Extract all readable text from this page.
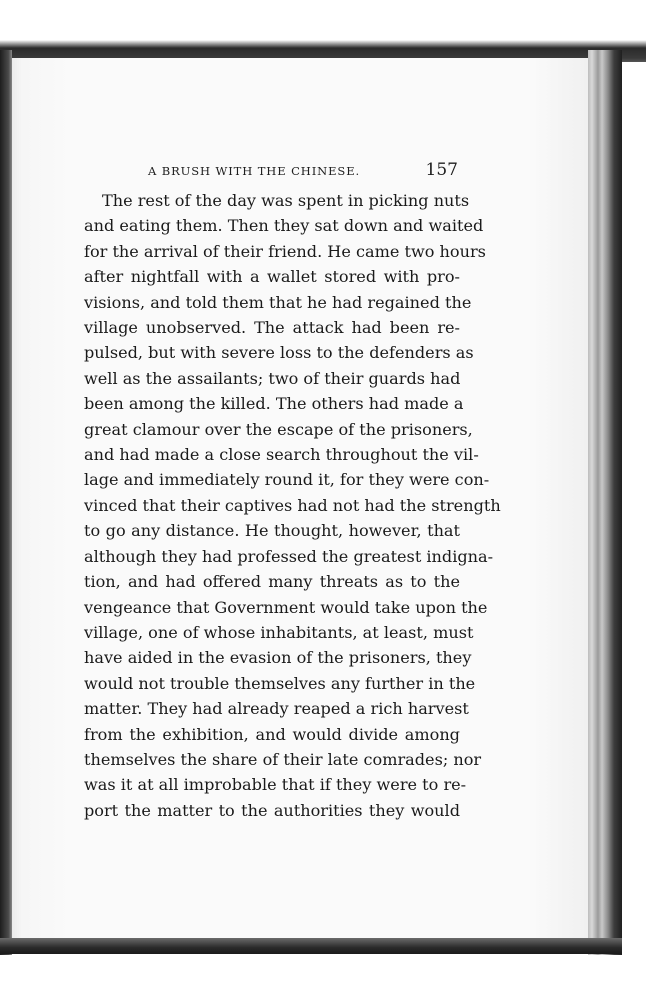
A BRUSH WITH THE CHINESE.	157
The rest of the day was spent in picking nuts
and eating them. Then they sat down and waited
for the arrival of their friend. He came two hours
after nightfall with a wallet stored with pro-
visions, and told them that he had regained the
village unobserved. The attack had been re-
pulsed, but with severe loss to the defenders as
well as the assailants; two of their guards had
been among the killed. The others had made a
great clamour over the escape of the prisoners,
and had made a close search throughout the vil-
lage and immediately round it, for they were con-
vinced that their captives had not had the strength
to go any distance. He thought, however, that
although they had professed the greatest indigna-
tion, and had offered many threats as to the
vengeance that Government would take upon the
village, one of whose inhabitants, at least, must
have aided in the evasion of the prisoners, they
would not trouble themselves any further in the
matter. They had already reaped a rich harvest
from the exhibition, and would divide among
themselves the share of their late comrades; nor
was it at all improbable that if they were to re-
port the matter to the authorities they would
